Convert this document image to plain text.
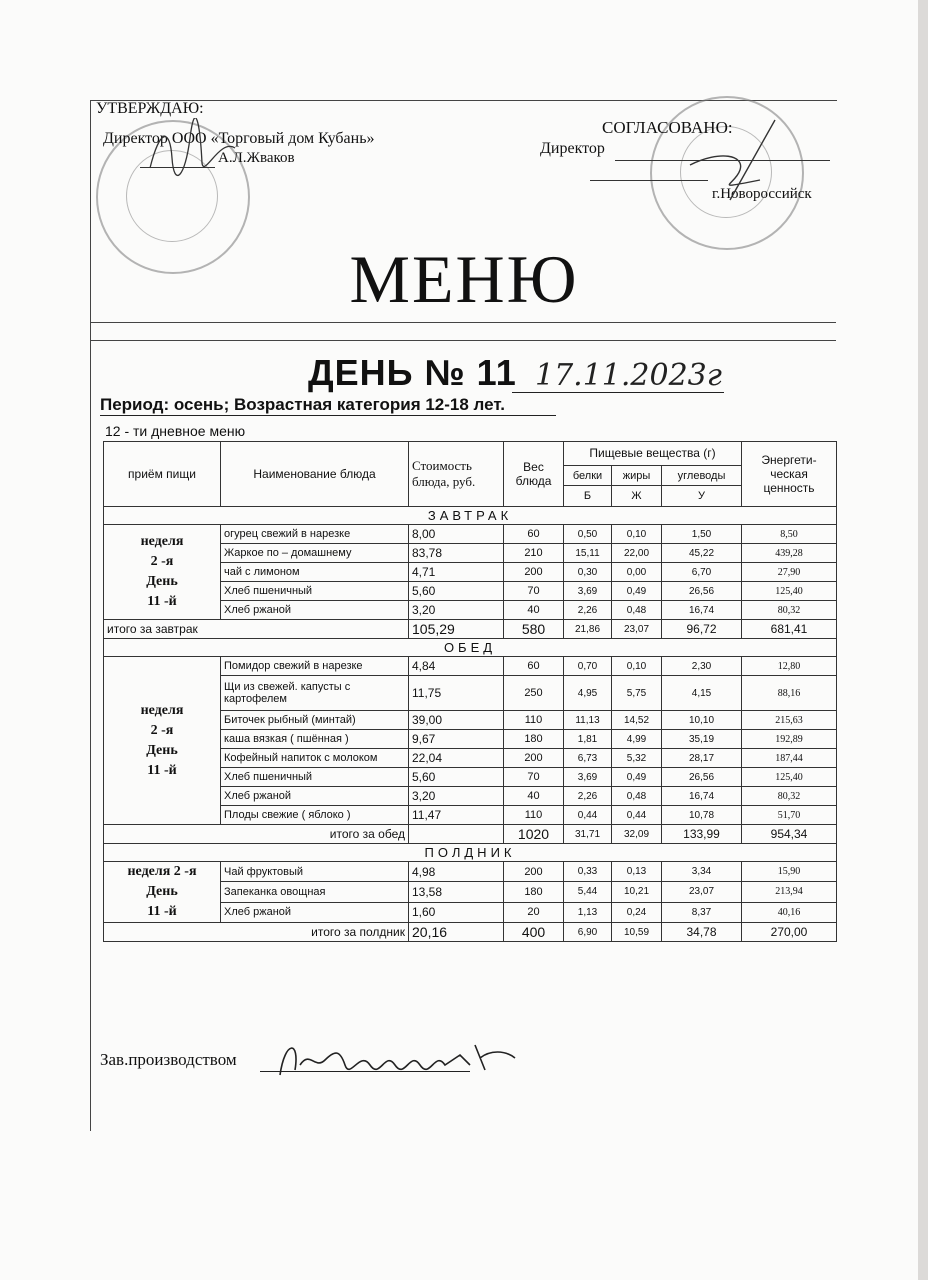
УТВЕРЖДАЮ:
Директор ООО «Торговый дом Кубань»
А.Л.Жваков
СОГЛАСОВАНО:
Директор
г.Новороссийск
МЕНЮ
ДЕНЬ № 11 17.11.2023г
Период: осень; Возрастная категория 12-18 лет.
12 - ти дневное меню
приём пищи	Наименование блюда	Стоимость блюда, руб.	Вес блюда	Пищевые вещества (г)			Энергети-ческая ценность
				белки	жиры	углеводы	
				Б	Ж	У	
ЗАВТРАК							

неделя
2 -я
День
11 -й	огурец свежий в нарезке	8,00	60	0,50	0,10	1,50	8,50
	Жаркое по – домашнему	83,78	210	15,11	22,00	45,22	439,28
	чай с лимоном	4,71	200	0,30	0,00	6,70	27,90
	Хлеб пшеничный	5,60	70	3,69	0,49	26,56	125,40
	Хлеб ржаной	3,20	40	2,26	0,48	16,74	80,32
итого за завтрак		105,29	580	21,86	23,07	96,72	681,41
ОБЕД							

неделя
2 -я
День
11 -й	Помидор свежий в нарезке	4,84	60	0,70	0,10	2,30	12,80
	Щи из свежей. капусты с картофелем	11,75	250	4,95	5,75	4,15	88,16
	Биточек рыбный (минтай)	39,00	110	11,13	14,52	10,10	215,63
	каша вязкая ( пшённая )	9,67	180	1,81	4,99	35,19	192,89
	Кофейный напиток с молоком	22,04	200	6,73	5,32	28,17	187,44
	Хлеб пшеничный	5,60	70	3,69	0,49	26,56	125,40
	Хлеб ржаной	3,20	40	2,26	0,48	16,74	80,32
	Плоды свежие ( яблоко )	11,47	110	0,44	0,44	10,78	51,70
итого за обед			1020	31,71	32,09	133,99	954,34
ПОЛДНИК							

неделя 2 -я
День
11 -й	Чай фруктовый	4,98	200	0,33	0,13	3,34	15,90
	Запеканка овощная	13,58	180	5,44	10,21	23,07	213,94
	Хлеб ржаной	1,60	20	1,13	0,24	8,37	40,16
итого за полдник		20,16	400	6,90	10,59	34,78	270,00
Зав.производством
